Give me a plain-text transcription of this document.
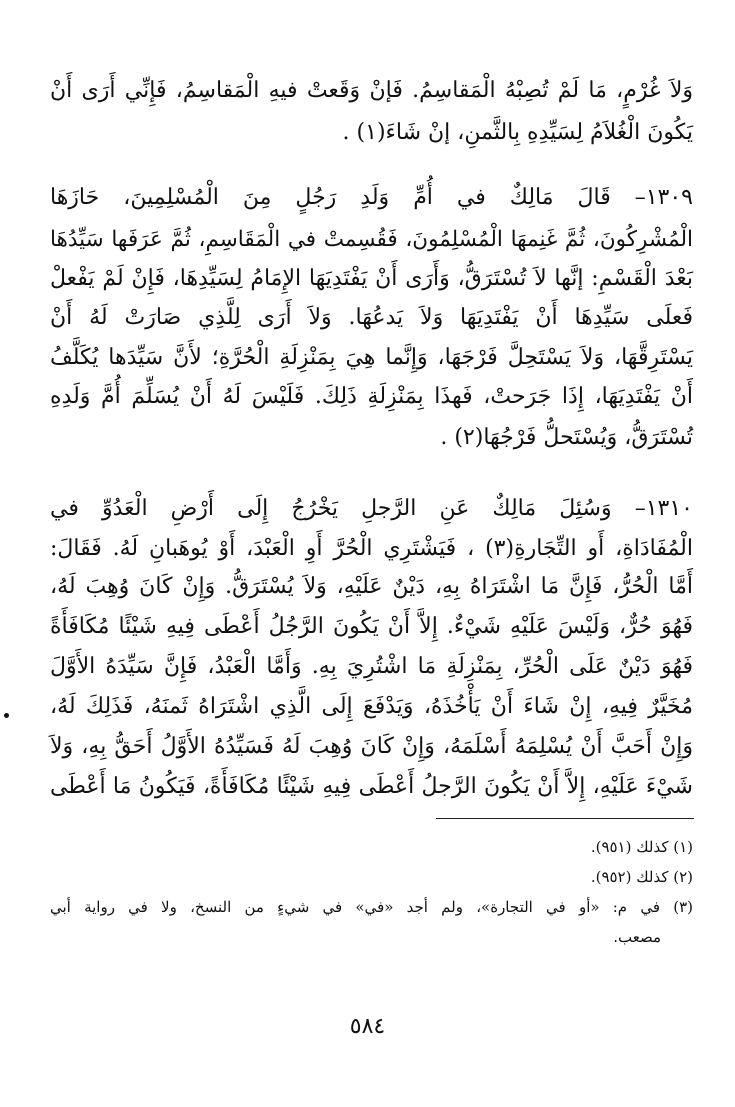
وَلاَ غُرْمٍ، مَا لَمْ تُصِبْهُ الْمَقاسِمُ. فَإنْ وَقَعتْ فيهِ الْمَقاسِمُ، فَإِنِّي أَرَى أَنْ
يَكُونَ الْغُلاَمُ لِسَيِّدِهِ بِالثَّمنِ، إنْ شَاءَ(١) .
١٣٠٩– قَالَ مَالِكٌ في أُمِّ وَلَدِ رَجُلٍ مِنَ الْمُسْلِمِينَ، حَازَهَا
الْمُشْرِكُونَ، ثُمَّ غَنِمهَا الْمُسْلِمُونَ، فَقُسِمتْ في الْمَقَاسِمِ، ثُمَّ عَرَفَها سَيِّدُهَا
بَعْدَ الْقَسْمِ: إنَّها لاَ تُسْتَرَقُّ، وَأَرَى أَنْ يَفْتَدِيَهَا الإِمَامُ لِسَيِّدِهَا، فَإِنْ لَمْ يَفْعلْ
فَعلَى سَيِّدِهَا أَنْ يَفْتَدِيَهَا وَلاَ يَدعُهَا. وَلاَ أَرَى لِلَّذِي صَارَتْ لَهُ أَنْ
يَسْتَرِقَّهَا، وَلاَ يَسْتَحِلَّ فَرْجَهَا، وَإِنَّما هِيَ بِمَنْزِلَةِ الْحُرَّةِ؛ لأَنَّ سَيِّدَها يُكَلَّفُ
أَنْ يَفْتَدِيَهَا، إِذَا جَرَحتْ، فَهذَا بِمَنْزِلَةِ ذَلِكَ. فَلَيْسَ لَهُ أَنْ يُسَلِّمَ أُمَّ وَلَدِهِ
تُسْتَرَقُّ، وَيُسْتَحلُّ فَرْجُهَا(٢) .
١٣١٠– وَسُئِلَ مَالِكٌ عَنِ الرَّجلِ يَخْرُجُ إِلَى أَرْضِ الْعَدُوِّ في
الْمُفَادَاةِ، أَو التِّجَارةِ(٣) ، فَيَشْتَرِي الْحُرَّ أَوِ الْعَبْدَ، أَوْ يُوهَبانِ لَهُ. فَقَالَ:
أَمَّا الْحُرُّ، فَإِنَّ مَا اشْتَرَاهُ بِهِ، دَيْنٌ عَلَيْهِ، وَلاَ يُسْتَرَقُّ. وَإِنْ كَانَ وُهِبَ لَهُ،
فَهُوَ حُرٌّ، وَلَيْسَ عَلَيْهِ شَيْءٌ. إِلاَّ أَنْ يَكُونَ الرَّجُلُ أَعْطَى فِيهِ شَيْئًا مُكَافَأَةً
فَهُوَ دَيْنٌ عَلَى الْحُرِّ، بِمَنْزِلَةِ مَا اشْتُرِيَ بِهِ. وَأَمَّا الْعَبْدُ، فَإِنَّ سَيِّدَهُ الأَوَّلَ
مُخَيَّرٌ فِيهِ، إِنْ شَاءَ أَنْ يَأْخُذَهُ، وَيَدْفَعَ إِلَى الَّذِي اشْتَرَاهُ ثَمنَهُ، فَذَلِكَ لَهُ،
وَإِنْ أَحَبَّ أَنْ يُسْلِمَهُ أَسْلَمَهُ، وَإِنْ كَانَ وُهِبَ لَهُ فَسَيِّدُهُ الأَوَّلُ أَحَقُّ بِهِ، وَلاَ
شَيْءَ عَلَيْهِ، إِلاَّ أَنْ يَكُونَ الرَّجلُ أَعْطَى فِيهِ شَيْئًا مُكَافَأَةً، فَيَكُونُ مَا أَعْطَى
(١) كذلك (٩٥١).
(٢) كذلك (٩٥٢).
(٣) في م: «أو في التجارة»، ولم أجد «في» في شيءٍ من النسخ، ولا في رواية أبي
مصعب.
٥٨٤
